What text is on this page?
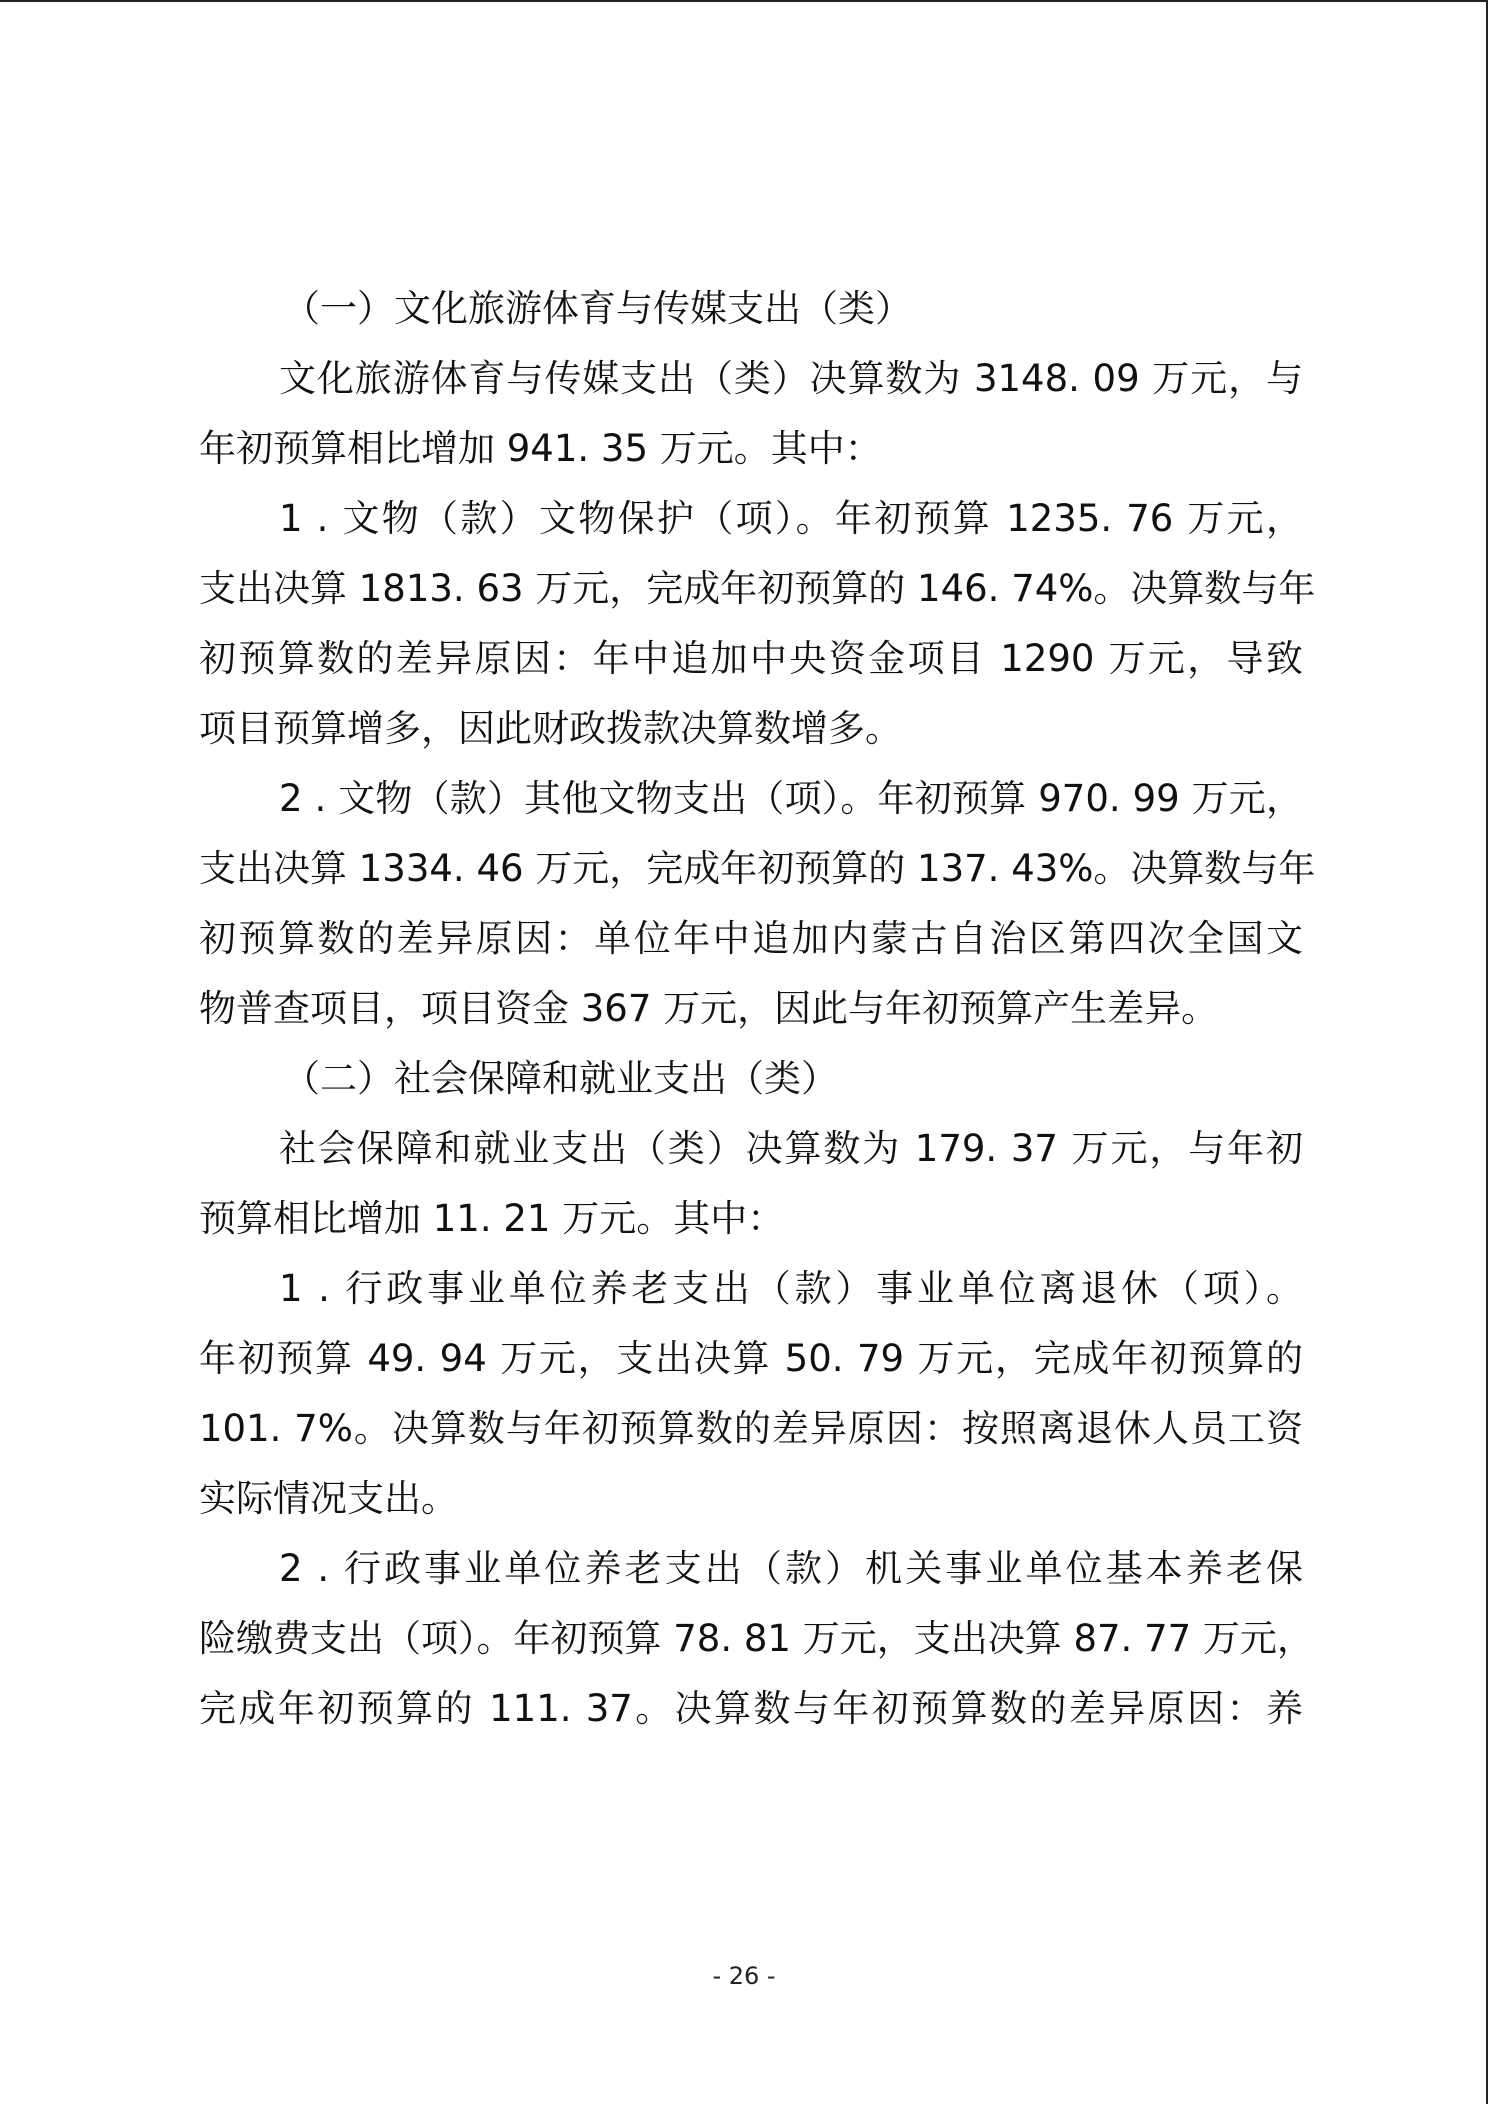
（一）文化旅游体育与传媒支出（类）
文化旅游体育与传媒支出（类）决算数为 3148. 09 万元，与
年初预算相比增加 941. 35 万元。其中：
1 . 文物（款）文物保护（项）。年初预算 1235. 76 万元，
支出决算 1813. 63 万元，完成年初预算的 146. 74%。决算数与年
初预算数的差异原因：年中追加中央资金项目 1290 万元，导致
项目预算增多，因此财政拨款决算数增多。
2 . 文物（款）其他文物支出（项）。年初预算 970. 99 万元，
支出决算 1334. 46 万元，完成年初预算的 137. 43%。决算数与年
初预算数的差异原因：单位年中追加内蒙古自治区第四次全国文
物普查项目，项目资金 367 万元，因此与年初预算产生差异。
（二）社会保障和就业支出（类）
社会保障和就业支出（类）决算数为 179. 37 万元，与年初
预算相比增加 11. 21 万元。其中：
1 . 行政事业单位养老支出（款）事业单位离退休（项）。
年初预算 49. 94 万元，支出决算 50. 79 万元，完成年初预算的
101. 7%。决算数与年初预算数的差异原因：按照离退休人员工资
实际情况支出。
2 . 行政事业单位养老支出（款）机关事业单位基本养老保
险缴费支出（项）。年初预算 78. 81 万元，支出决算 87. 77 万元，
完成年初预算的 111. 37。决算数与年初预算数的差异原因：养
- 26 -
